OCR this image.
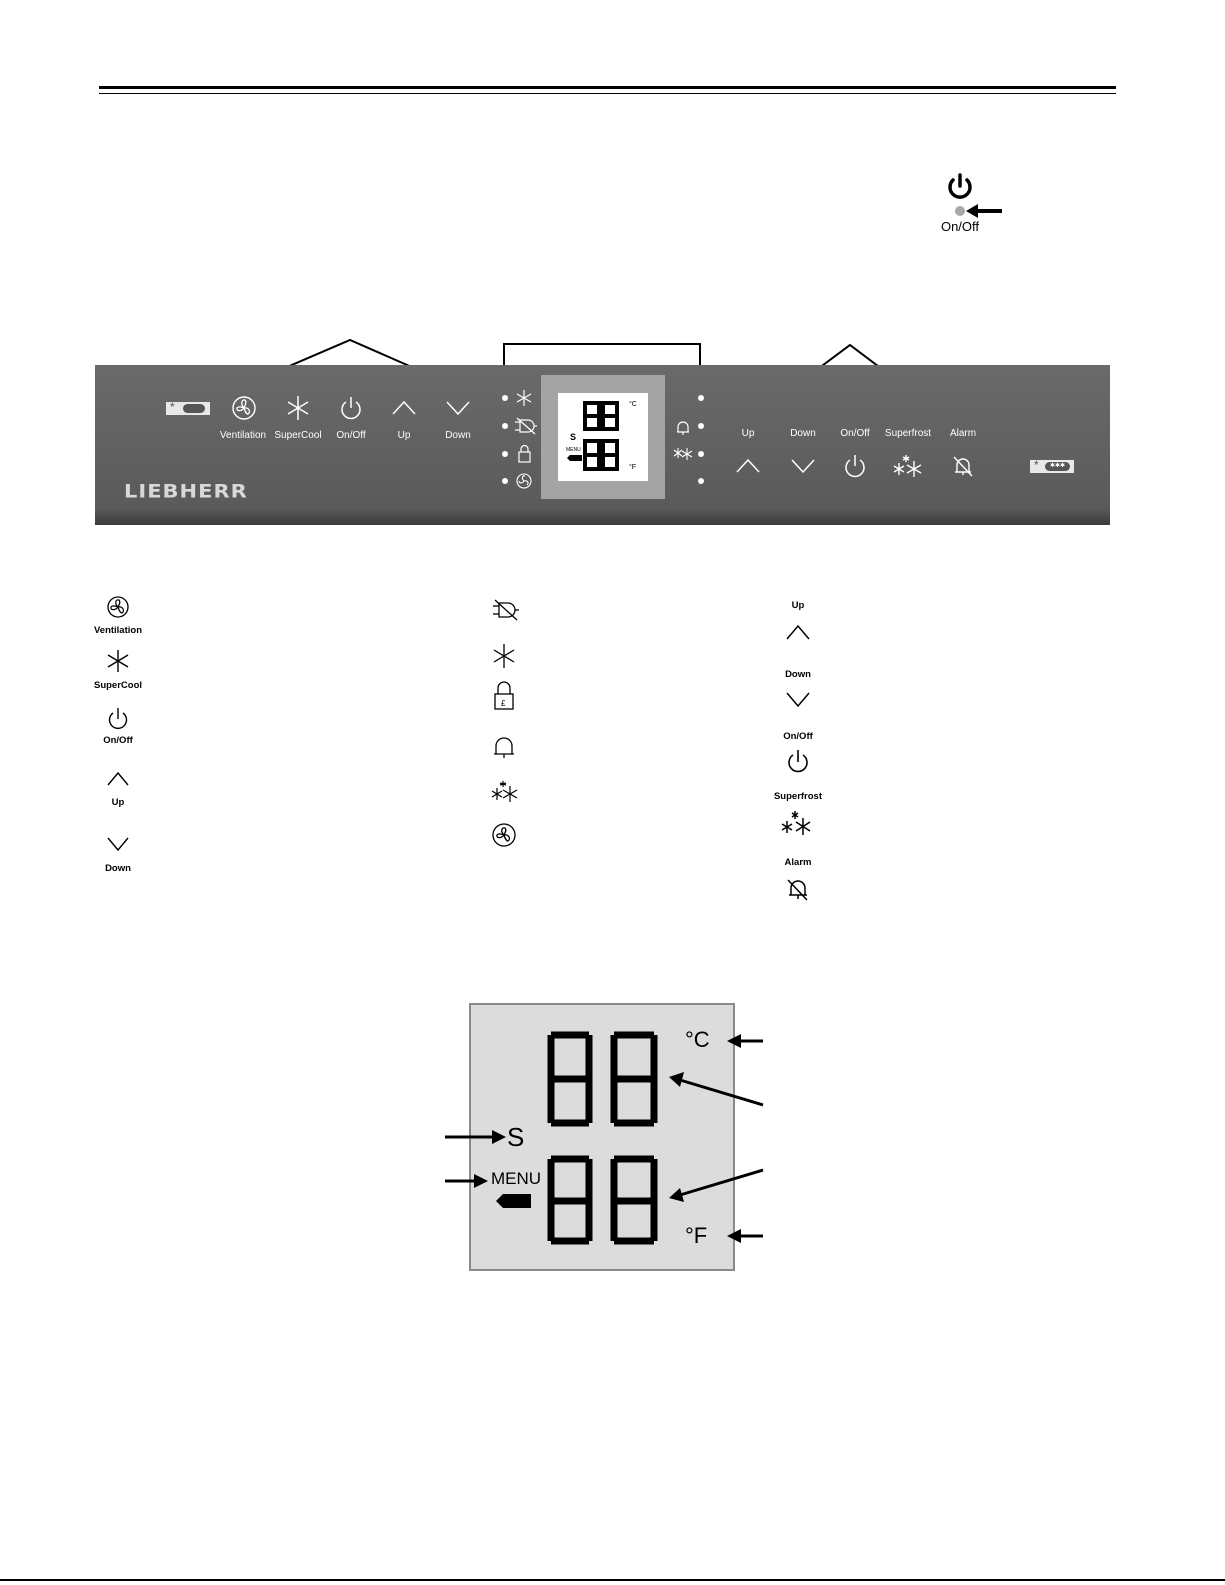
On/Off
*
Ventilation SuperCool	On/Off	Up	Down
LIEBHERR
°C
°F
S
MENU
Up	Down	On/Off	Superfrost	Alarm
*	✱✱✱
Ventilation
SuperCool
On/Off
Up
Down
£
Up
Down
On/Off
Superfrost
Alarm
°C
°F
S
MENU
